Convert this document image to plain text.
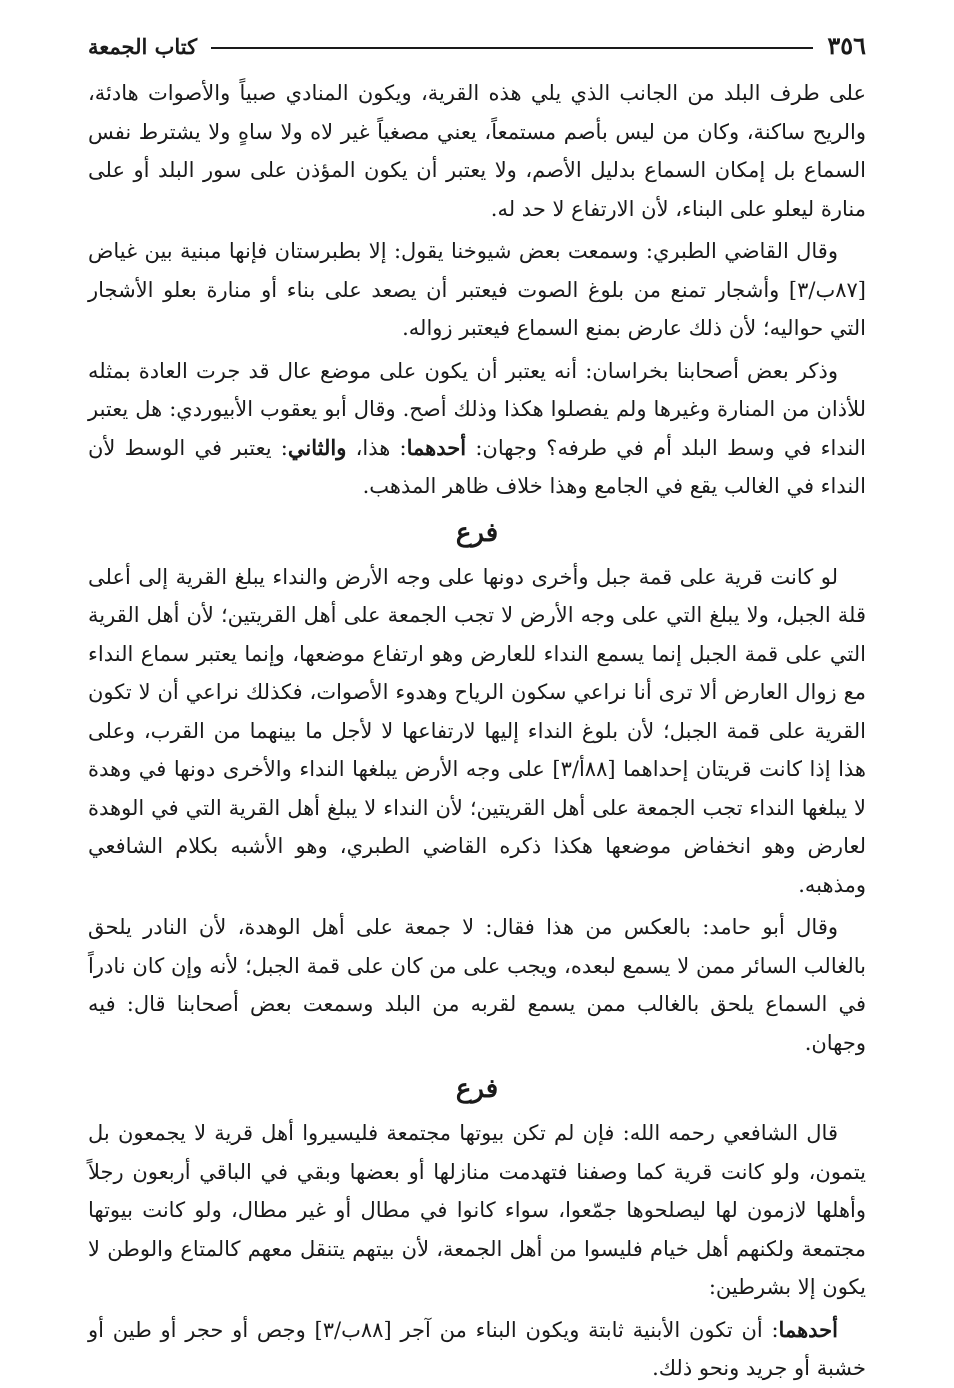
٣٥٦
كتاب الجمعة

على طرف البلد من الجانب الذي يلي هذه القرية، ويكون المنادي صبياً والأصوات هادئة، والريح ساكنة، وكان من ليس بأصم مستمعاً، يعني مصغياً غير لاه ولا ساهٍ ولا يشترط نفس السماع بل إمكان السماع بدليل الأصم، ولا يعتبر أن يكون المؤذن على سور البلد أو على منارة ليعلو على البناء، لأن الارتفاع لا حد له.

وقال القاضي الطبري: وسمعت بعض شيوخنا يقول: إلا بطبرستان فإنها مبنية بين غياض [٨٧ب/٣] وأشجار تمنع من بلوغ الصوت فيعتبر أن يصعد على بناء أو منارة بعلو الأشجار التي حواليه؛ لأن ذلك عارض بمنع السماع فيعتبر زواله.

وذكر بعض أصحابنا بخراسان: أنه يعتبر أن يكون على موضع عال قد جرت العادة بمثله للأذان من المنارة وغيرها ولم يفصلوا هكذا وذلك أصح. وقال أبو يعقوب الأبيوردي: هل يعتبر النداء في وسط البلد أم في طرفه؟ وجهان: أحدهما: هذا، والثاني: يعتبر في الوسط لأن النداء في الغالب يقع في الجامع وهذا خلاف ظاهر المذهب.

فرع

لو كانت قرية على قمة جبل وأخرى دونها على وجه الأرض والنداء يبلغ القرية إلى أعلى قلة الجبل، ولا يبلغ التي على وجه الأرض لا تجب الجمعة على أهل القريتين؛ لأن أهل القرية التي على قمة الجبل إنما يسمع النداء للعارض وهو ارتفاع موضعها، وإنما يعتبر سماع النداء مع زوال العارض ألا ترى أنا نراعي سكون الرياح وهدوء الأصوات، فكذلك نراعي أن لا تكون القرية على قمة الجبل؛ لأن بلوغ النداء إليها لارتفاعها لا لأجل ما بينهما من القرب، وعلى هذا إذا كانت قريتان إحداهما [٨٨أ/٣] على وجه الأرض يبلغها النداء والأخرى دونها في وهدة لا يبلغها النداء تجب الجمعة على أهل القريتين؛ لأن النداء لا يبلغ أهل القرية التي في الوهدة لعارض وهو انخفاض موضعها هكذا ذكره القاضي الطبري، وهو الأشبه بكلام الشافعي ومذهبه.

وقال أبو حامد: بالعكس من هذا فقال: لا جمعة على أهل الوهدة، لأن النادر يلحق بالغالب السائر ممن لا يسمع لبعده، ويجب على من كان على قمة الجبل؛ لأنه وإن كان نادراً في السماع يلحق بالغالب ممن يسمع لقربه من البلد وسمعت بعض أصحابنا قال: فيه وجهان.

فرع

قال الشافعي رحمه الله: فإن لم تكن بيوتها مجتمعة فليسيروا أهل قرية لا يجمعون بل يتمون، ولو كانت قرية كما وصفنا فتهدمت منازلها أو بعضها وبقي في الباقي أربعون رجلاً وأهلها لازمون لها ليصلحوها جمّعوا، سواء كانوا في مطال أو غير مطال، ولو كانت بيوتها مجتمعة ولكنهم أهل خيام فليسوا من أهل الجمعة، لأن بيتهم يتنقل معهم كالمتاع والوطن لا يكون إلا بشرطين:

أحدهما: أن تكون الأبنية ثابتة ويكون البناء من آجر [٨٨ب/٣] وجص أو حجر أو طين أو خشبة أو جريد ونحو ذلك.
